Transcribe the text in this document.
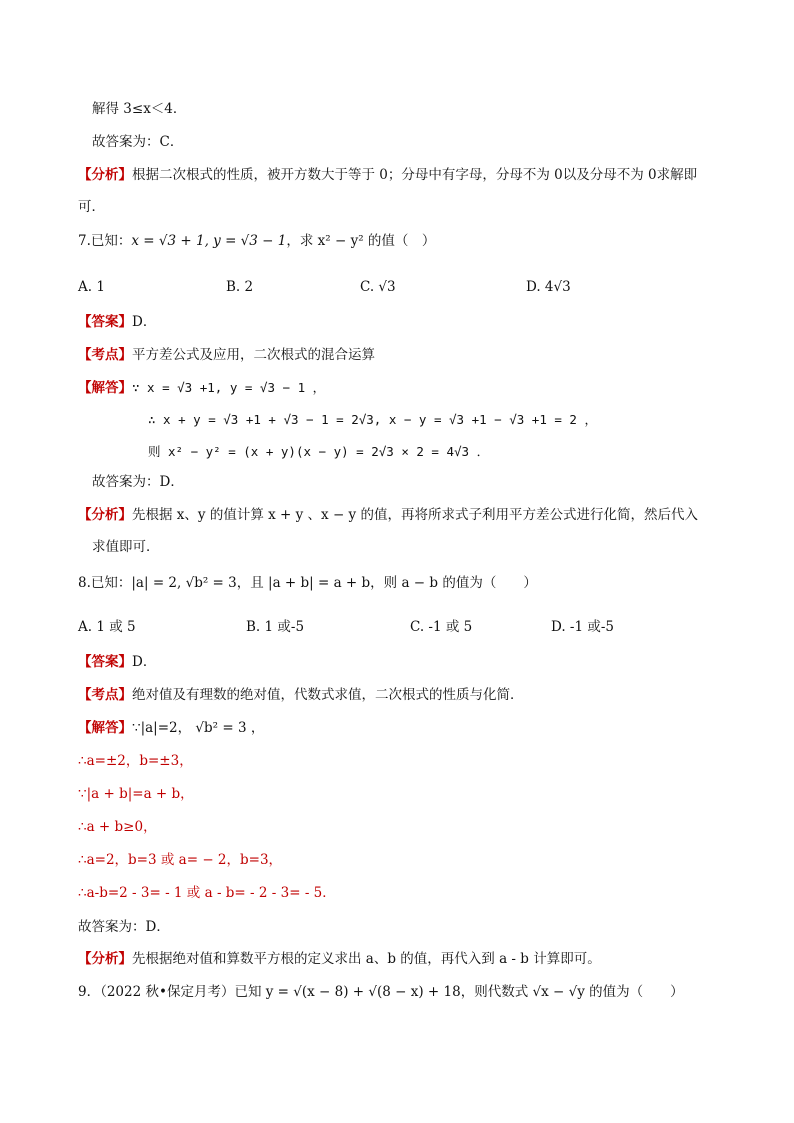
解得 3≤x＜4．
故答案为：C．
【分析】根据二次根式的性质，被开方数大于等于 0；分母中有字母，分母不为 0以及分母不为 0求解即
可．
7.已知：x = √3 + 1, y = √3 − 1，求 x² − y² 的值（　）
A. 1	B. 2	C. √3	D. 4√3
【答案】D．
【考点】平方差公式及应用，二次根式的混合运算
【解答】∵ x = √3 +1, y = √3 − 1 ，
∴ x + y = √3 +1 + √3 − 1 = 2√3, x − y = √3 +1 − √3 +1 = 2 ，
则 x² − y² = (x + y)(x − y) = 2√3 × 2 = 4√3 ．
故答案为：D．
【分析】先根据 x、y 的值计算 x + y 、x − y 的值，再将所求式子利用平方差公式进行化简，然后代入
求值即可．
8.已知：|a| = 2, √b² = 3，且 |a + b| = a + b，则 a − b 的值为（　　）
A. 1 或 5	B. 1 或-5	C. -1 或 5	D. -1 或-5
【答案】D．
【考点】绝对值及有理数的绝对值，代数式求值，二次根式的性质与化简．
【解答】∵|a|=2， √b² = 3 ，
∴a=±2，b=±3，
∵|a + b|=a + b，
∴a + b≥0，
∴a=2，b=3 或 a= − 2，b=3，
∴a-b=2 - 3= - 1 或 a - b= - 2 - 3= - 5．
故答案为：D．
【分析】先根据绝对值和算数平方根的定义求出 a、b 的值，再代入到 a - b 计算即可。
9．（2022 秋•保定月考）已知 y = √(x − 8) + √(8 − x) + 18，则代数式 √x − √y 的值为（　　）
